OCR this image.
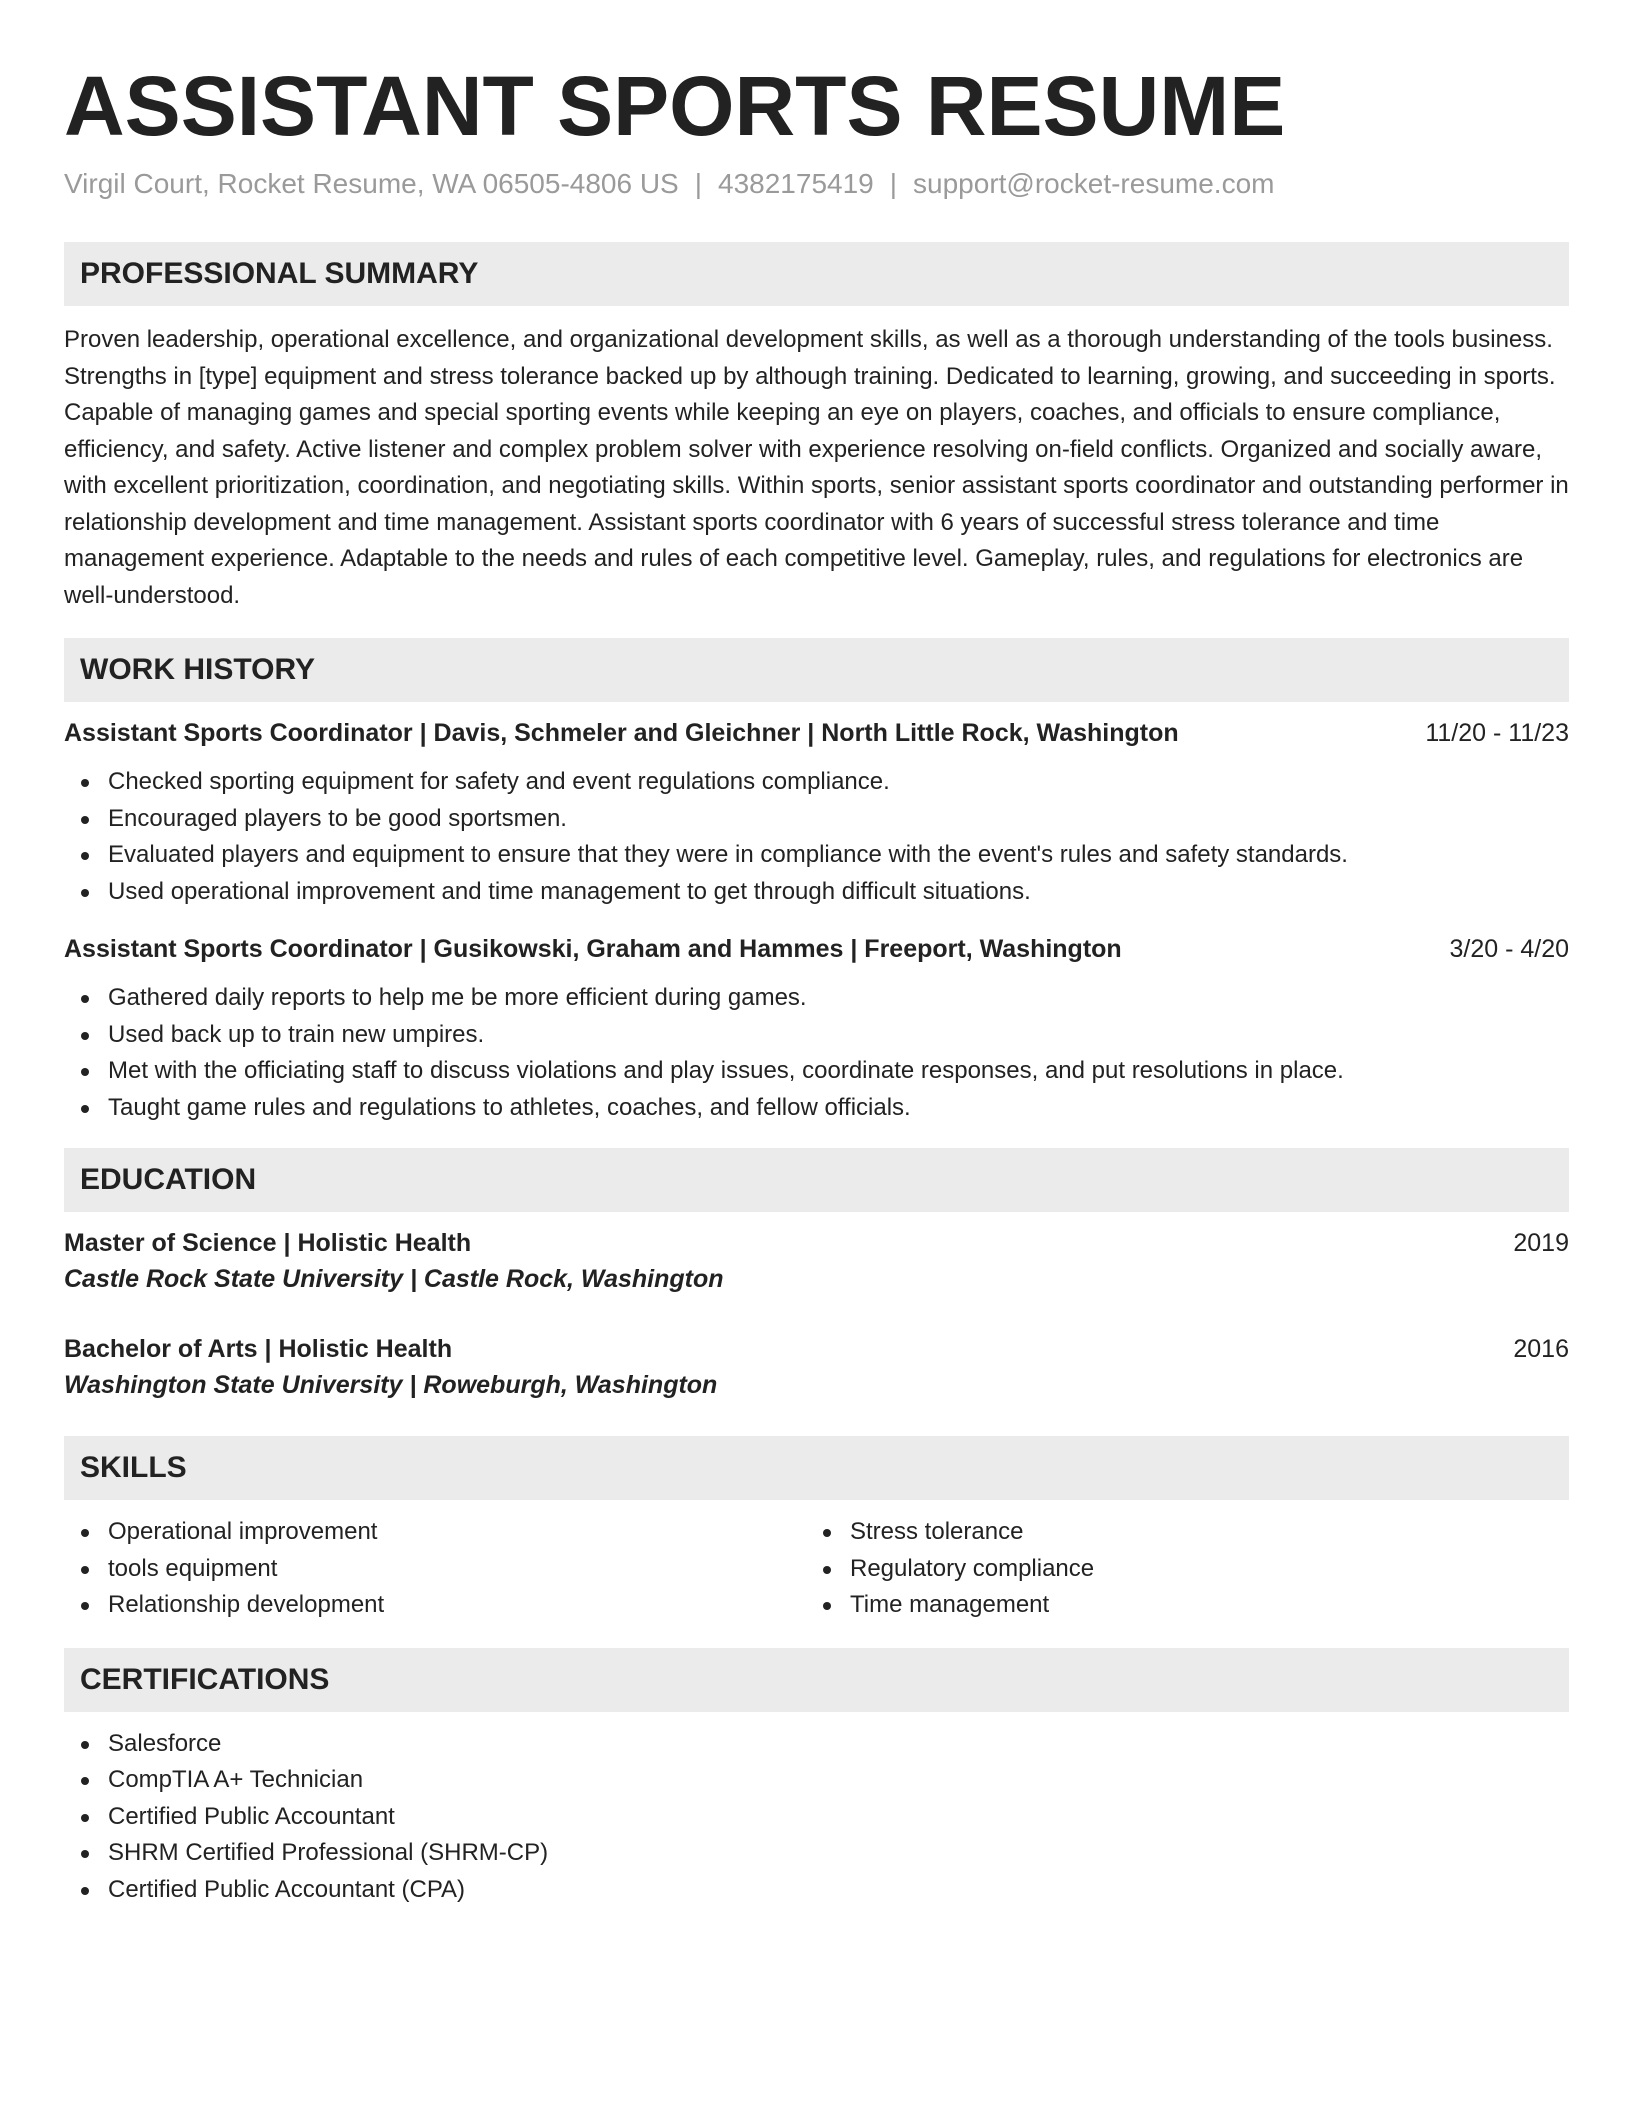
ASSISTANT SPORTS RESUME
Virgil Court, Rocket Resume, WA 06505-4806 US | 4382175419 | support@rocket-resume.com
PROFESSIONAL SUMMARY

Proven leadership, operational excellence, and organizational development skills, as well as a thorough understanding of the tools business. Strengths in [type] equipment and stress tolerance backed up by although training. Dedicated to learning, growing, and succeeding in sports. Capable of managing games and special sporting events while keeping an eye on players, coaches, and officials to ensure compliance, efficiency, and safety. Active listener and complex problem solver with experience resolving on-field conflicts. Organized and socially aware, with excellent prioritization, coordination, and negotiating skills. Within sports, senior assistant sports coordinator and outstanding performer in relationship development and time management. Assistant sports coordinator with 6 years of successful stress tolerance and time management experience. Adaptable to the needs and rules of each competitive level. Gameplay, rules, and regulations for electronics are well-understood.

WORK HISTORY
Assistant Sports Coordinator | Davis, Schmeler and Gleichner | North Little Rock, Washington	11/20 - 11/23
Checked sporting equipment for safety and event regulations compliance.
Encouraged players to be good sportsmen.
Evaluated players and equipment to ensure that they were in compliance with the event's rules and safety standards.
Used operational improvement and time management to get through difficult situations.
Assistant Sports Coordinator | Gusikowski, Graham and Hammes | Freeport, Washington	3/20 - 4/20
Gathered daily reports to help me be more efficient during games.
Used back up to train new umpires.
Met with the officiating staff to discuss violations and play issues, coordinate responses, and put resolutions in place.
Taught game rules and regulations to athletes, coaches, and fellow officials.
EDUCATION
Master of Science | Holistic Health	2019
Castle Rock State University | Castle Rock, Washington
Bachelor of Arts | Holistic Health	2016
Washington State University | Roweburgh, Washington
SKILLS
Operational improvement
tools equipment
Relationship development
Stress tolerance
Regulatory compliance
Time management
CERTIFICATIONS
Salesforce
CompTIA A+ Technician
Certified Public Accountant
SHRM Certified Professional (SHRM-CP)
Certified Public Accountant (CPA)
